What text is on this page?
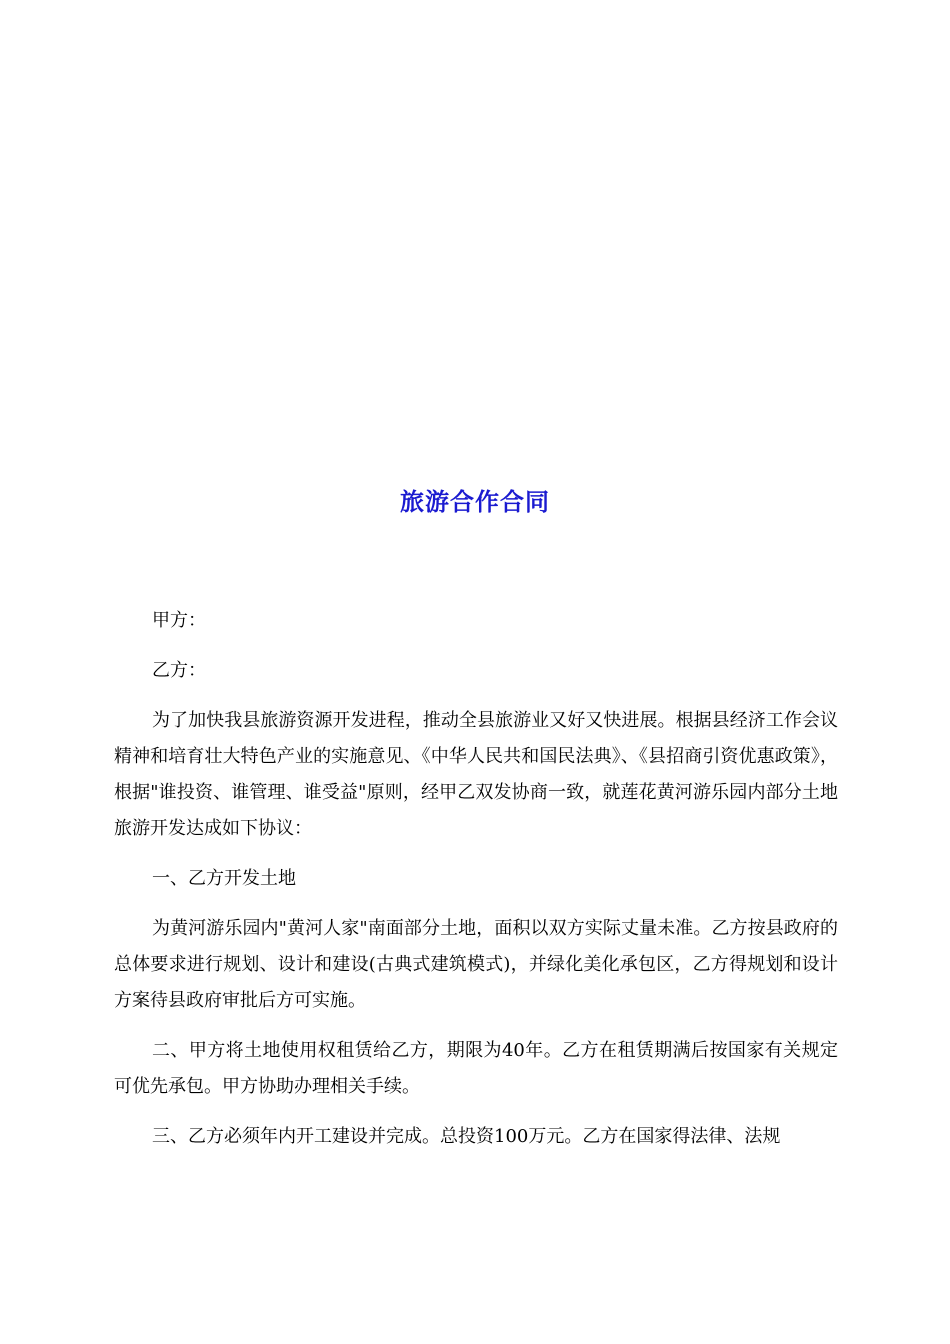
旅游合作合同

甲方：

乙方：

为了加快我县旅游资源开发进程，推动全县旅游业又好又快进展。根据县经济工作会议精神和培育壮大特色产业的实施意见、《中华人民共和国民法典》、《县招商引资优惠政策》，根据"谁投资、谁管理、谁受益"原则，经甲乙双发协商一致，就莲花黄河游乐园内部分土地旅游开发达成如下协议：

一、乙方开发土地

为黄河游乐园内"黄河人家"南面部分土地，面积以双方实际丈量未准。乙方按县政府的总体要求进行规划、设计和建设(古典式建筑模式)，并绿化美化承包区，乙方得规划和设计方案待县政府审批后方可实施。

二、甲方将土地使用权租赁给乙方，期限为40年。乙方在租赁期满后按国家有关规定可优先承包。甲方协助办理相关手续。

三、乙方必须年内开工建设并完成。总投资100万元。乙方在国家得法律、法规
